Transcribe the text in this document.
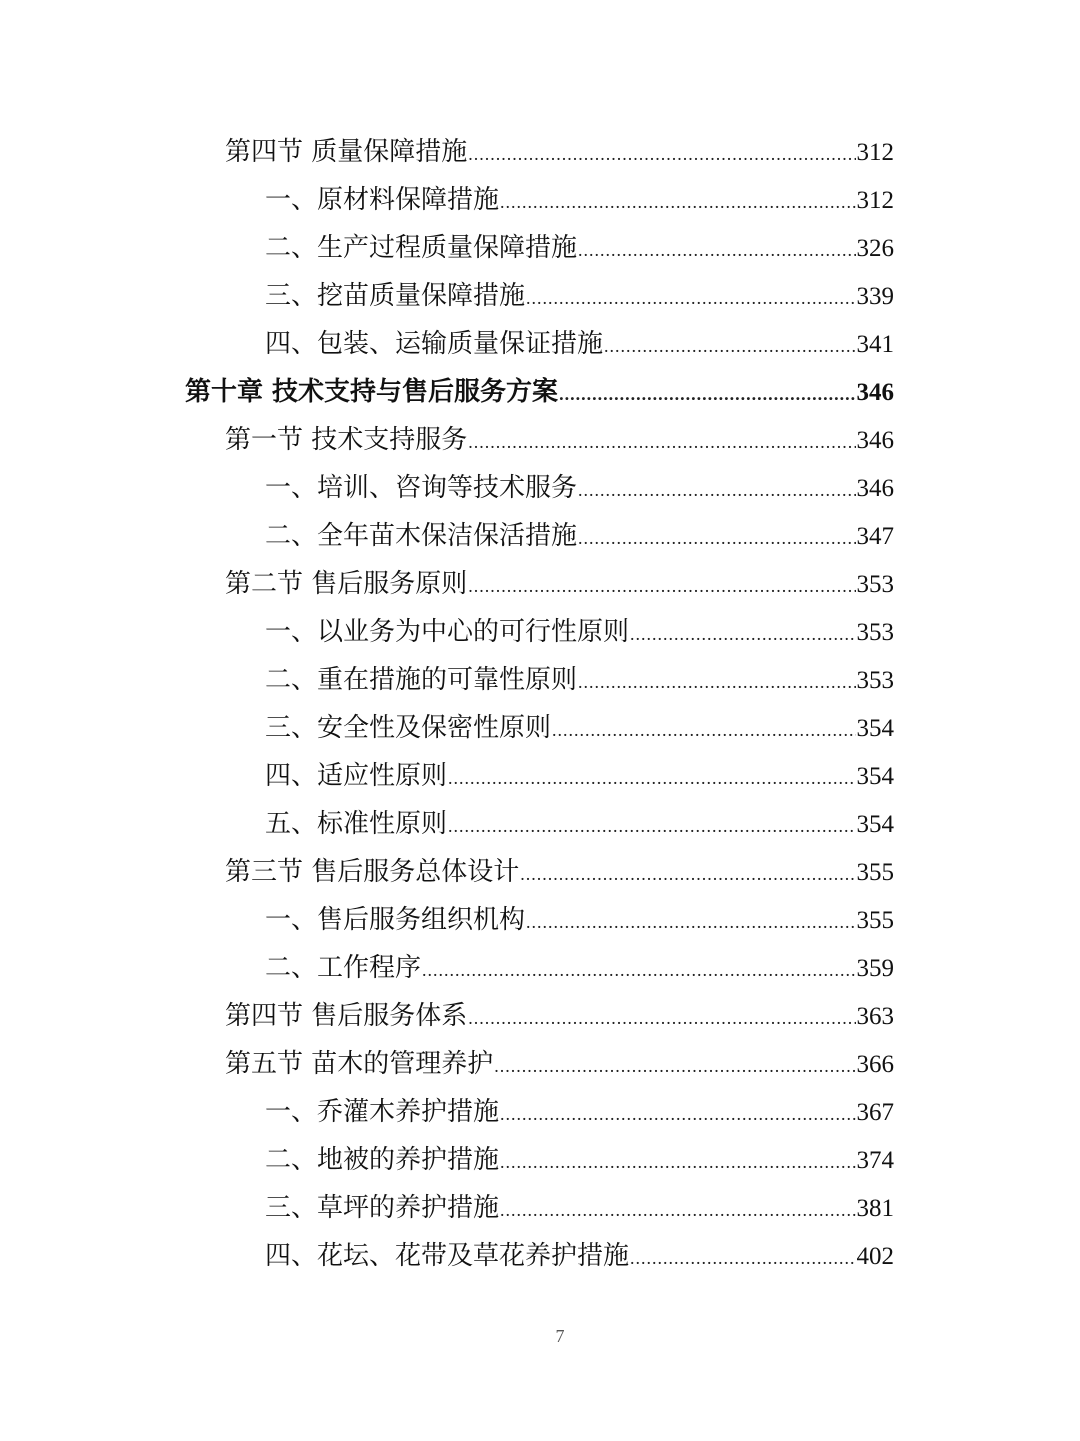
第四节 质量保障措施 .....	312
一、原材料保障措施 .....	312
二、生产过程质量保障措施 .....	326
三、挖苗质量保障措施 .....	339
四、包装、运输质量保证措施 .....	341
第十章 技术支持与售后服务方案 .....	346
第一节 技术支持服务 .....	346
一、培训、咨询等技术服务 .....	346
二、全年苗木保洁保活措施 .....	347
第二节 售后服务原则 .....	353
一、以业务为中心的可行性原则 .....	353
二、重在措施的可靠性原则 .....	353
三、安全性及保密性原则 .....	354
四、适应性原则 .....	354
五、标准性原则 .....	354
第三节 售后服务总体设计 .....	355
一、售后服务组织机构 .....	355
二、工作程序 .....	359
第四节 售后服务体系 .....	363
第五节 苗木的管理养护 .....	366
一、乔灌木养护措施 .....	367
二、地被的养护措施 .....	374
三、草坪的养护措施 .....	381
四、花坛、花带及草花养护措施 .....	402
7
